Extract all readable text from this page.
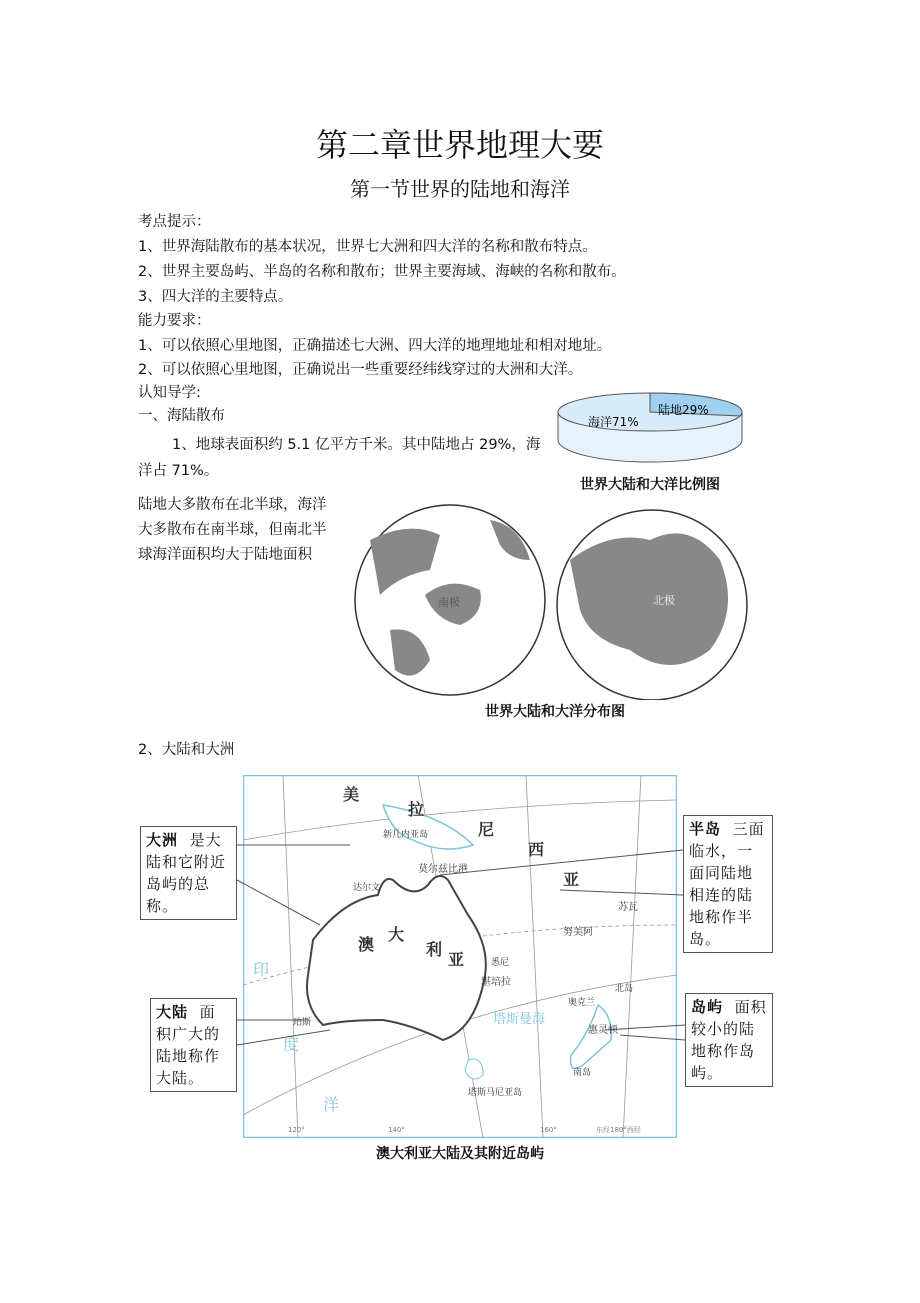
第二章世界地理大要
第一节世界的陆地和海洋
考点提示：
1、世界海陆散布的基本状况，世界七大洲和四大洋的名称和散布特点。
2、世界主要岛屿、半岛的名称和散布；世界主要海域、海峡的名称和散布。
3、四大洋的主要特点。
能力要求：
1、可以依照心里地图，正确描述七大洲、四大洋的地理地址和相对地址。
2、可以依照心里地图，正确说出一些重要经纬线穿过的大洲和大洋。
认知导学:
一、海陆散布
1、地球表面积约 5.1 亿平方千米。其中陆地占 29%，海
洋占 71%。
陆地大多散布在北半球，海洋大多散布在南半球，但南北半球海洋面积均大于陆地面积
海洋71%
陆地29%
世界大陆和大洋比例图
南极	北极
世界大陆和大洋分布图
2、大陆和大洲
美
拉
尼
西
亚
澳
大
利
亚
印
度
洋
塔斯曼海
新几内亚岛
莫尔兹比港
达尔文
悉尼
堪培拉
珀斯
塔斯马尼亚岛
奥克兰
惠灵顿
北岛
南岛
苏瓦
努美阿
120°	140°	160°	东经180°西经
大洲 是大陆和它附近岛屿的总称。
大陆 面积广大的陆地称作大陆。
半岛 三面临水，一面同陆地相连的陆地称作半岛。
岛屿 面积较小的陆地称作岛屿。
澳大利亚大陆及其附近岛屿
